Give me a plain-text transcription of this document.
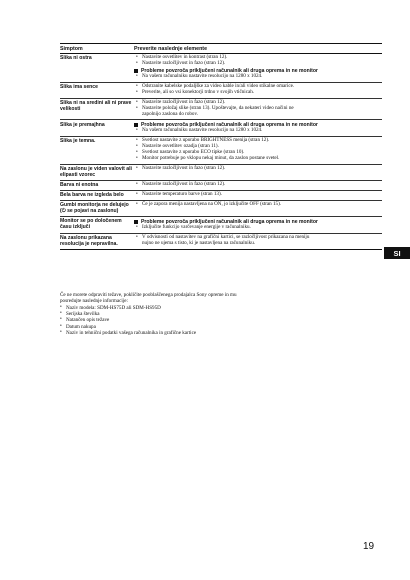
Simptom	Preverite naslednje elemente
Slika ni ostra	• Nastavite osvetlitev in kontrast (stran 12).
• Nastavite razločljivost in fazo (stran 12).
Probleme povzroča priključeni računalnik ali druga oprema in ne monitor
• Na vašem računalniku nastavite resolucijo na 1280 x 1024.

Slika ima sence	• Odstranite kabelske podaljške za video kable in/ali video stikalne omarice.
• Preverite, ali so vsi konektorji trdno v svojih vtičnicah.

Slika ni na sredini ali ni prave velikosti	• Nastavite razločljivost in fazo (stran 12).
• Nastavite položaj slike (stran 13). Upoštevajte, da nekateri video načini ne
zapolnijo zaslona do robov.

Slika je premajhna	Probleme povzroča priključeni računalnik ali druga oprema in ne monitor
• Na vašem računalniku nastavite resolucijo na 1280 x 1024.

Slika je temna.	• Svetlost nastavite z uporabo BRIGHTNESS menija (stran 12).
• Nastavite osvetlitev ozadja (stran 11).
• Svetlost nastavite z uporabo ECO tipke (stran 10).
• Monitor potrebuje po vklopu nekaj minut, da zaslon postane svetel.

Na zaslonu je viden valovit ali elipasti vzorec	• Nastavite razločljivost in fazo (stran 12).

Barva ni enotna	• Nastavite razločljivost in fazo (stran 12).

Bela barva ne izgleda belo	• Nastavite temperaturo barve (stran 13).

Gumbi monitorja ne delujejo
(⏻ se pojavi na zaslonu)	• Če je zapora menija nastavljena na ON, jo izključite OFF (stran 15).

Monitor se po določenem času izključi	Probleme povzroča priključeni računalnik ali druga oprema in ne monitor
• Izključite funkcijo varčevanje energije v računalniku.

Na zaslonu prikazana resolucija je nepravilna.	• V odvisnosti od nastavitev na grafični kartici, se razločljivost prikazana na meniju
nujno ne ujema s tisto, ki je nastavljena na računalniku.
Če ne morete odpraviti težave, pokličite pooblaščenega prodajalca Sony opreme in mu posredujte naslednje informacije:
• Naziv modela: SDM-HS75D ali SDM-HS95D
• Serijska številka
• Natančen opis težave
• Datum nakupa
• Naziv in tehnični podatki vašega računalnika in grafične kartice
SI
19
